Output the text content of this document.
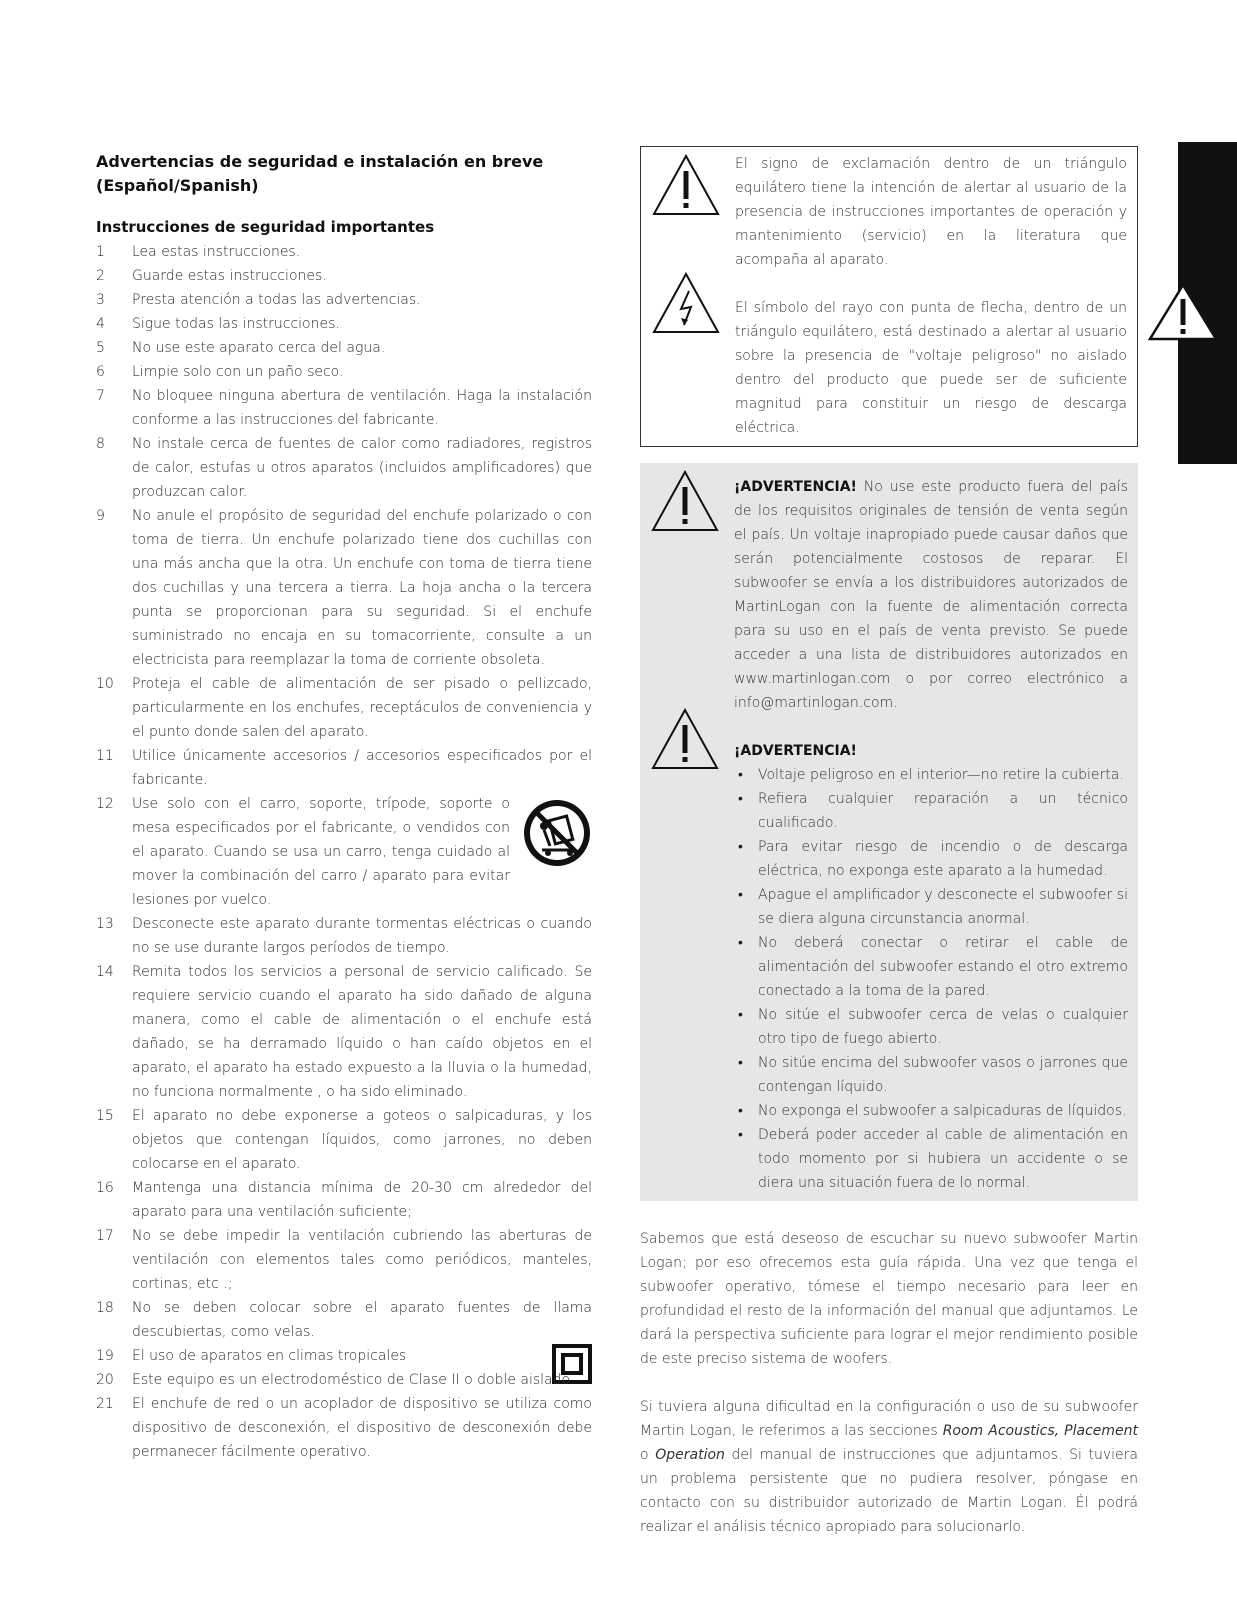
Advertencias de seguridad e instalación en breve
(Español/Spanish)
Instrucciones de seguridad importantes
1	Lea estas instrucciones.
2	Guarde estas instrucciones.
3	Presta atención a todas las advertencias.
4	Sigue todas las instrucciones.
5	No use este aparato cerca del agua.
6	Limpie solo con un paño seco.
7	No bloquee ninguna abertura de ventilación. Haga la instalación conforme a las instrucciones del fabricante.
8	No instale cerca de fuentes de calor como radiadores, registros de calor, estufas u otros aparatos (incluidos amplificadores) que produzcan calor.
9	No anule el propósito de seguridad del enchufe polarizado o con toma de tierra. Un enchufe polarizado tiene dos cuchillas con una más ancha que la otra. Un enchufe con toma de tierra tiene dos cuchillas y una tercera a tierra. La hoja ancha o la tercera punta se proporcionan para su seguridad. Si el enchufe suministrado no encaja en su tomacorriente, consulte a un electricista para reemplazar la toma de corriente obsoleta.
10	Proteja el cable de alimentación de ser pisado o pellizcado, particularmente en los enchufes, receptáculos de conveniencia y el punto donde salen del aparato.
11	Utilice únicamente accesorios / accesorios especificados por el fabricante.
12	Use solo con el carro, soporte, trípode, soporte o mesa especificados por el fabricante, o vendidos con el aparato. Cuando se usa un carro, tenga cuidado al mover la combinación del carro / aparato para evitar lesiones por vuelco.
13	Desconecte este aparato durante tormentas eléctricas o cuando no se use durante largos períodos de tiempo.
14	Remita todos los servicios a personal de servicio calificado. Se requiere servicio cuando el aparato ha sido dañado de alguna manera, como el cable de alimentación o el enchufe está dañado, se ha derramado líquido o han caído objetos en el aparato, el aparato ha estado expuesto a la lluvia o la humedad, no funciona normalmente , o ha sido eliminado.
15	El aparato no debe exponerse a goteos o salpicaduras, y los objetos que contengan líquidos, como jarrones, no deben colocarse en el aparato.
16	Mantenga una distancia mínima de 20-30 cm alrededor del aparato para una ventilación suficiente;
17	No se debe impedir la ventilación cubriendo las aberturas de ventilación con elementos tales como periódicos, manteles, cortinas, etc .;
18	No se deben colocar sobre el aparato fuentes de llama descubiertas, como velas.
19	El uso de aparatos en climas tropicales
20	Este equipo es un electrodoméstico de Clase II o doble aislado
21	El enchufe de red o un acoplador de dispositivo se utiliza como dispositivo de desconexión, el dispositivo de desconexión debe permanecer fácilmente operativo.

El signo de exclamación dentro de un triángulo equilátero tiene la intención de alertar al usuario de la presencia de instrucciones importantes de operación y mantenimiento (servicio) en la literatura que acompaña al aparato.

El símbolo del rayo con punta de flecha, dentro de un triángulo equilátero, está destinado a alertar al usuario sobre la presencia de "voltaje peligroso" no aislado dentro del producto que puede ser de suficiente magnitud para constituir un riesgo de descarga eléctrica.

¡ADVERTENCIA! No use este producto fuera del país de los requisitos originales de tensión de venta según el país. Un voltaje inapropiado puede causar daños que serán potencialmente costosos de reparar. El subwoofer se envía a los distribuidores autorizados de MartinLogan con la fuente de alimentación correcta para su uso en el país de venta previsto. Se puede acceder a una lista de distribuidores autorizados en www.martinlogan.com o por correo electrónico a info@martinlogan.com.

¡ADVERTENCIA!

• Voltaje peligroso en el interior—no retire la cubierta.
• Refiera cualquier reparación a un técnico cualificado.
• Para evitar riesgo de incendio o de descarga eléctrica, no exponga este aparato a la humedad.
• Apague el amplificador y desconecte el subwoofer si se diera alguna circunstancia anormal.
• No deberá conectar o retirar el cable de alimentación del subwoofer estando el otro extremo conectado a la toma de la pared.
• No sitúe el subwoofer cerca de velas o cualquier otro tipo de fuego abierto.
• No sitúe encima del subwoofer vasos o jarrones que contengan líquido.
• No exponga el subwoofer a salpicaduras de líquidos.
• Deberá poder acceder al cable de alimentación en todo momento por si hubiera un accidente o se diera una situación fuera de lo normal.

Sabemos que está deseoso de escuchar su nuevo subwoofer Martin Logan; por eso ofrecemos esta guía rápida. Una vez que tenga el subwoofer operativo, tómese el tiempo necesario para leer en profundidad el resto de la información del manual que adjuntamos. Le dará la perspectiva suficiente para lograr el mejor rendimiento posible de este preciso sistema de woofers.

Si tuviera alguna dificultad en la configuración o uso de su subwoofer Martin Logan, le referimos a las secciones Room Acoustics, Placement o Operation del manual de instrucciones que adjuntamos. Si tuviera un problema persistente que no pudiera resolver, póngase en contacto con su distribuidor autorizado de Martin Logan. Él podrá realizar el análisis técnico apropiado para solucionarlo.
